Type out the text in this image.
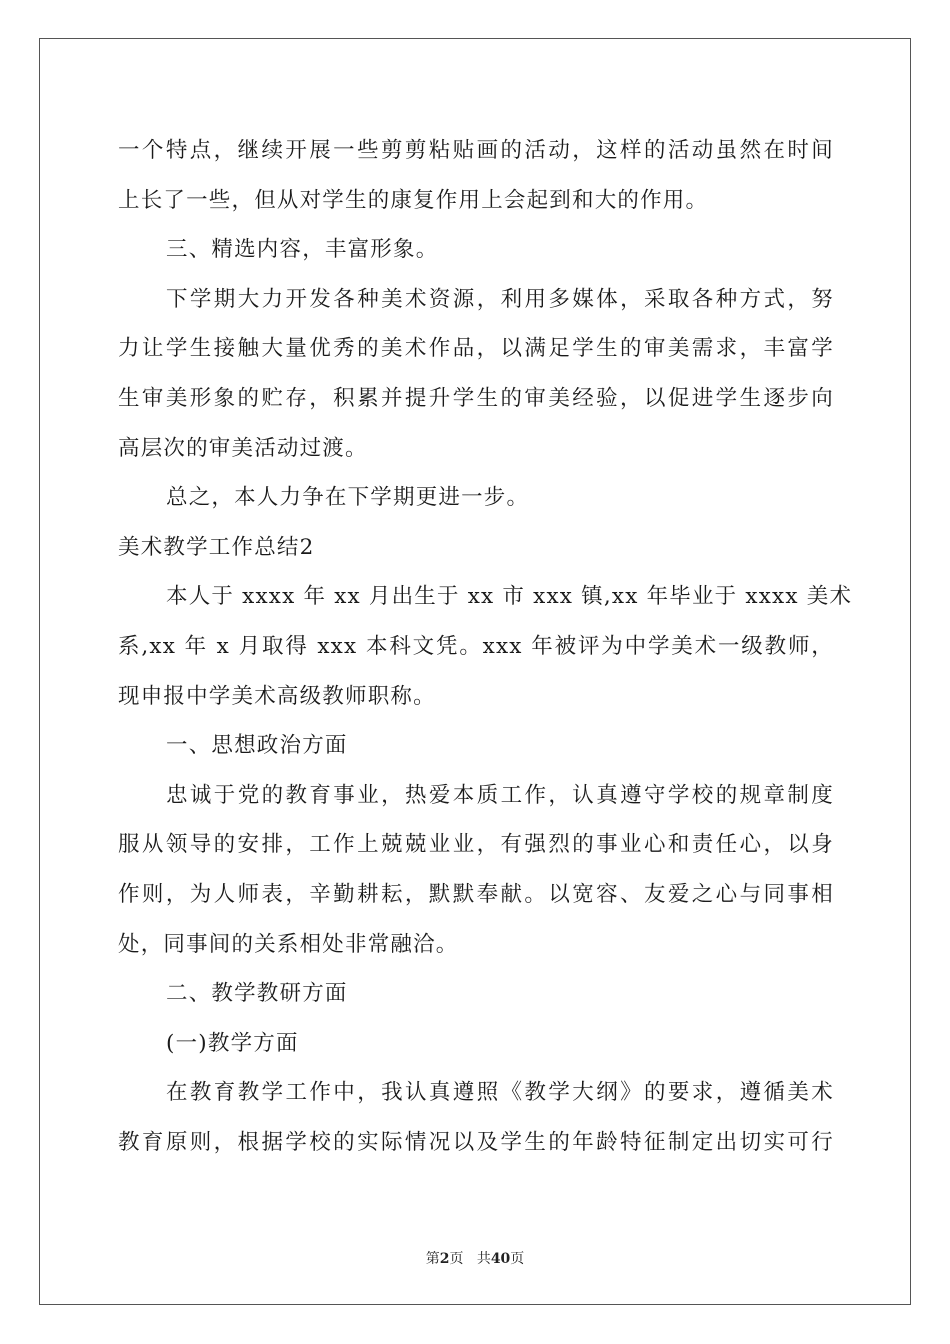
一个特点，继续开展一些剪剪粘贴画的活动，这样的活动虽然在时间
上长了一些，但从对学生的康复作用上会起到和大的作用。
三、精选内容，丰富形象。
下学期大力开发各种美术资源，利用多媒体，采取各种方式，努
力让学生接触大量优秀的美术作品，以满足学生的审美需求，丰富学
生审美形象的贮存，积累并提升学生的审美经验，以促进学生逐步向
高层次的审美活动过渡。
总之，本人力争在下学期更进一步。
美术教学工作总结2
本人于 xxxx 年 xx 月出生于 xx 市 xxx 镇,xx 年毕业于 xxxx 美术
系,xx 年 x 月取得 xxx 本科文凭。xxx 年被评为中学美术一级教师，
现申报中学美术高级教师职称。
一、思想政治方面
忠诚于党的教育事业，热爱本质工作，认真遵守学校的规章制度
服从领导的安排，工作上兢兢业业，有强烈的事业心和责任心，以身
作则，为人师表，辛勤耕耘，默默奉献。以宽容、友爱之心与同事相
处，同事间的关系相处非常融洽。
二、教学教研方面
(一)教学方面
在教育教学工作中，我认真遵照《教学大纲》的要求，遵循美术
教育原则，根据学校的实际情况以及学生的年龄特征制定出切实可行
第2页 共40页
